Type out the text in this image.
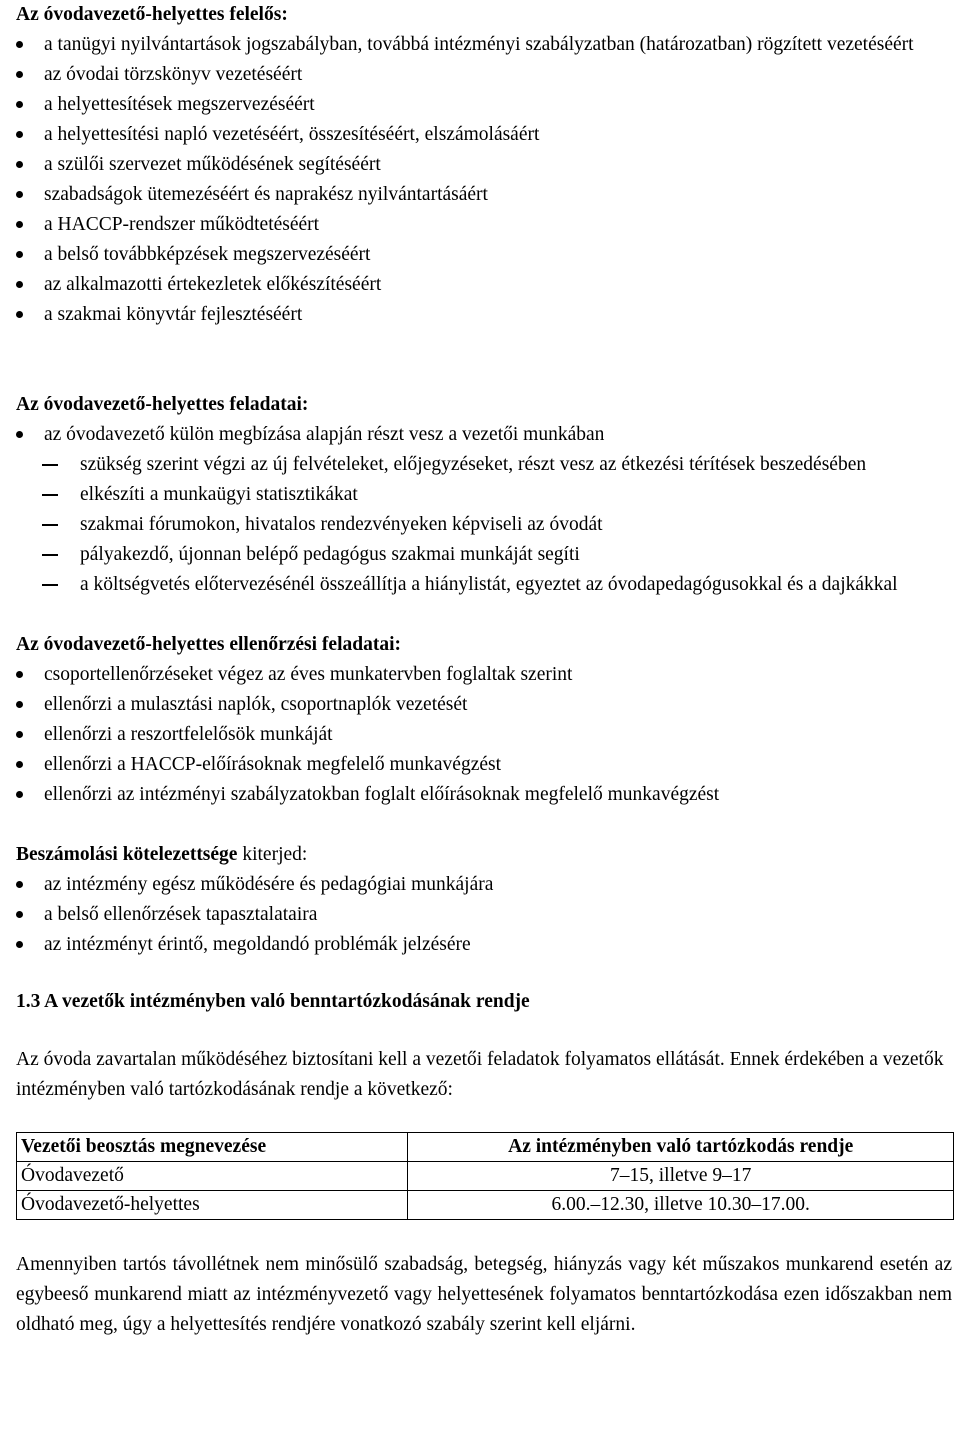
Az óvodavezető-helyettes felelős:
a tanügyi nyilvántartások jogszabályban, továbbá intézményi szabályzatban (határozatban) rögzített vezetéséért
az óvodai törzskönyv vezetéséért
a helyettesítések megszervezéséért
a helyettesítési napló vezetéséért, összesítéséért, elszámolásáért
a szülői szervezet működésének segítéséért
szabadságok ütemezéséért és naprakész nyilvántartásáért
a HACCP-rendszer működtetéséért
a belső továbbképzések megszervezéséért
az alkalmazotti értekezletek előkészítéséért
a szakmai könyvtár fejlesztéséért
Az óvodavezető-helyettes feladatai:
az óvodavezető külön megbízása alapján részt vesz a vezetői munkában
szükség szerint végzi az új felvételeket, előjegyzéseket, részt vesz az étkezési térítések beszedésében
elkészíti a munkaügyi statisztikákat
szakmai fórumokon, hivatalos rendezvényeken képviseli az óvodát
pályakezdő, újonnan belépő pedagógus szakmai munkáját segíti
a költségvetés előtervezésénél összeállítja a hiánylistát, egyeztet az óvodapedagógusokkal és a dajkákkal
Az óvodavezető-helyettes ellenőrzési feladatai:
csoportellenőrzéseket végez az éves munkatervben foglaltak szerint
ellenőrzi a mulasztási naplók, csoportnaplók vezetését
ellenőrzi a reszortfelelősök munkáját
ellenőrzi a HACCP-előírásoknak megfelelő munkavégzést
ellenőrzi az intézményi szabályzatokban foglalt előírásoknak megfelelő munkavégzést
Beszámolási kötelezettsége kiterjed:
az intézmény egész működésére és pedagógiai munkájára
a belső ellenőrzések tapasztalataira
az intézményt érintő, megoldandó problémák jelzésére
1.3 A vezetők intézményben való benntartózkodásának rendje
Az óvoda zavartalan működéséhez biztosítani kell a vezetői feladatok folyamatos ellátását. Ennek érdekében a vezetők intézményben való tartózkodásának rendje a következő:
Vezetői beosztás megnevezése	Az intézményben való tartózkodás rendje
Óvodavezető	7–15, illetve 9–17
Óvodavezető-helyettes	6.00.–12.30, illetve 10.30–17.00.
Amennyiben tartós távollétnek nem minősülő szabadság, betegség, hiányzás vagy két műszakos munkarend esetén az egybeeső munkarend miatt az intézményvezető vagy helyettesének folyamatos benntartózkodása ezen időszakban nem oldható meg, úgy a helyettesítés rendjére vonatkozó szabály szerint kell eljárni.
